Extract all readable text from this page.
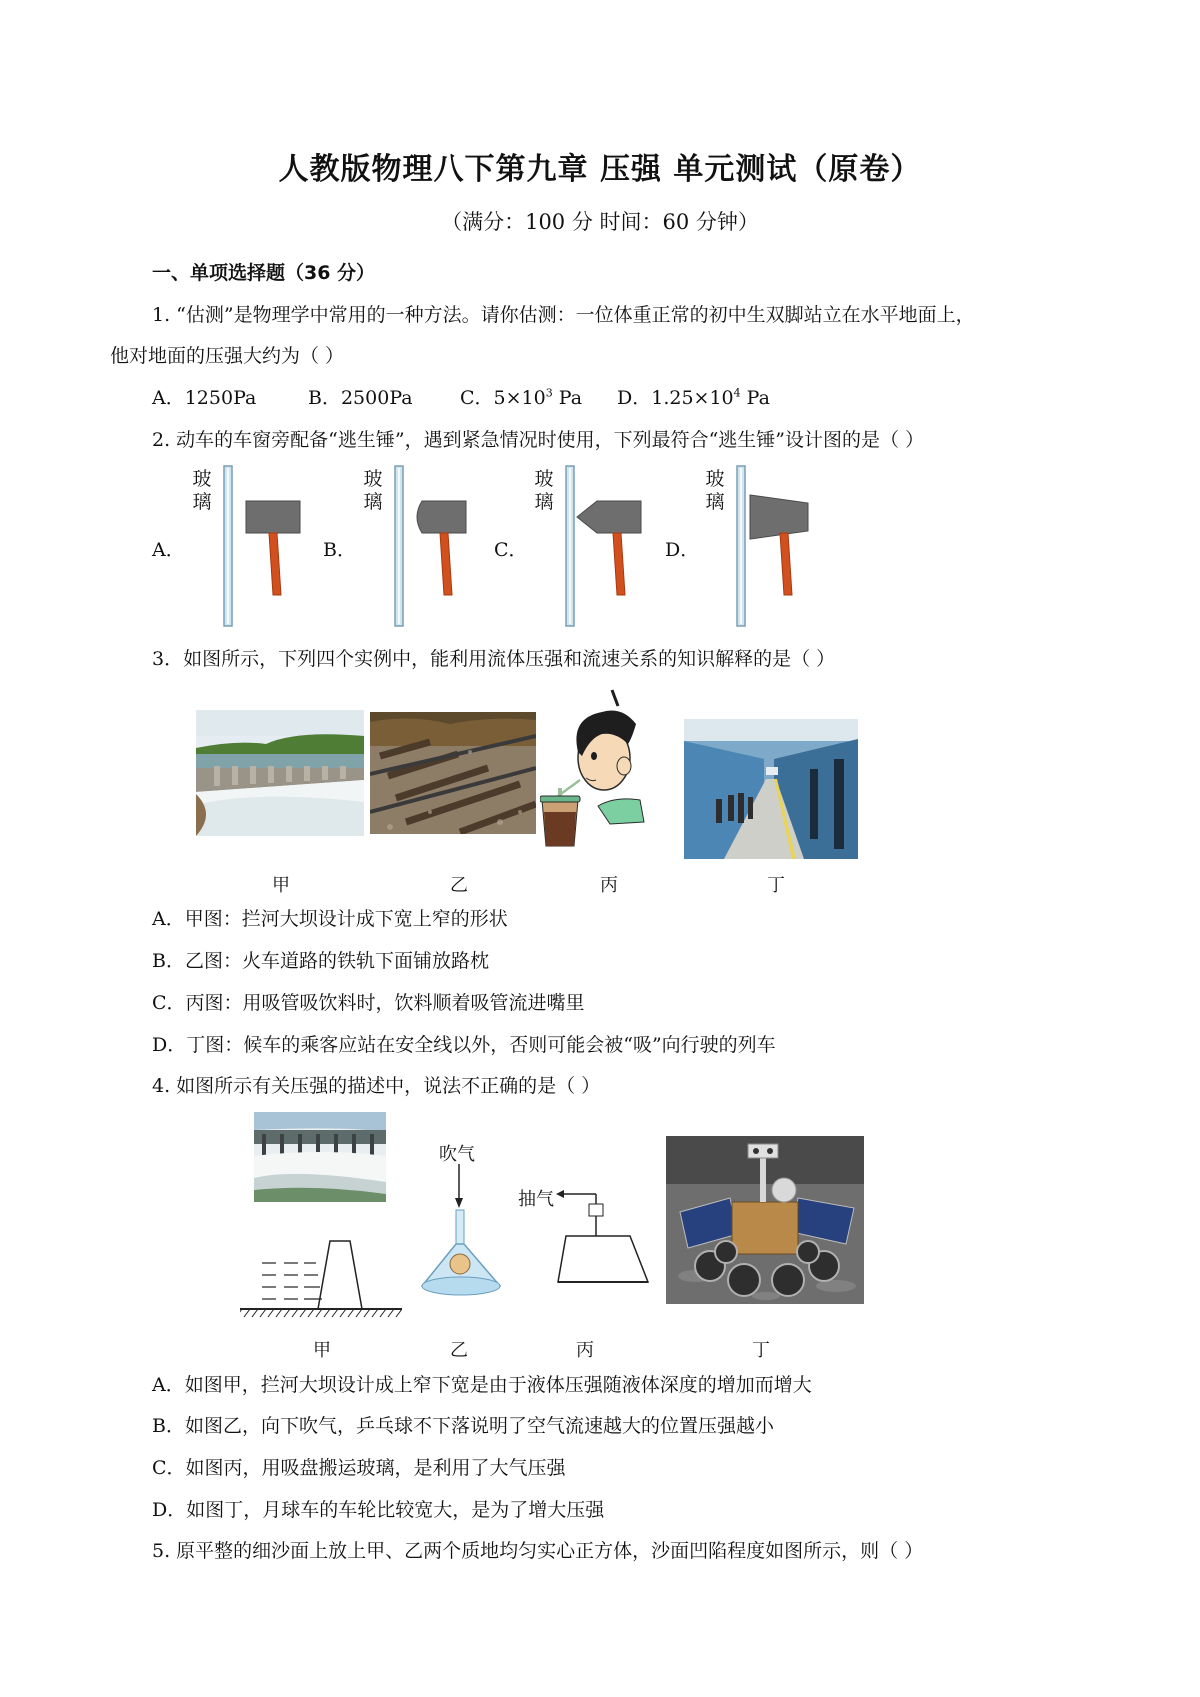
人教版物理八下第九章 压强 单元测试（原卷）
（满分：100 分 时间：60 分钟）
一、单项选择题（36 分）
1. “估测”是物理学中常用的一种方法。请你估测：一位体重正常的初中生双脚站立在水平地面上，
他对地面的压强大约为（ ）
A．1250Pa	B．2500Pa C．$5\times 10^3$ Pa D．$1.25\times 10^4$ Pa
2. 动车的车窗旁配备“逃生锤”，遇到紧急情况时使用，下列最符合“逃生锤”设计图的是（ ）
A．
玻
璃
B．
玻
璃
C．
玻
璃
D．
玻
璃
3．如图所示，下列四个实例中，能利用流体压强和流速关系的知识解释的是（ ）
甲	乙	丙	丁
A．甲图：拦河大坝设计成下宽上窄的形状
B．乙图：火车道路的铁轨下面铺放路枕
C．丙图：用吸管吸饮料时，饮料顺着吸管流进嘴里
D．丁图：候车的乘客应站在安全线以外，否则可能会被“吸”向行驶的列车
4. 如图所示有关压强的描述中，说法不正确的是（ ）
吹气
抽气
甲	乙	丙	丁
A．如图甲，拦河大坝设计成上窄下宽是由于液体压强随液体深度的增加而增大
B．如图乙，向下吹气，乒乓球不下落说明了空气流速越大的位置压强越小
C．如图丙，用吸盘搬运玻璃，是利用了大气压强
D．如图丁，月球车的车轮比较宽大，是为了增大压强
5. 原平整的细沙面上放上甲、乙两个质地均匀实心正方体，沙面凹陷程度如图所示，则（ ）
